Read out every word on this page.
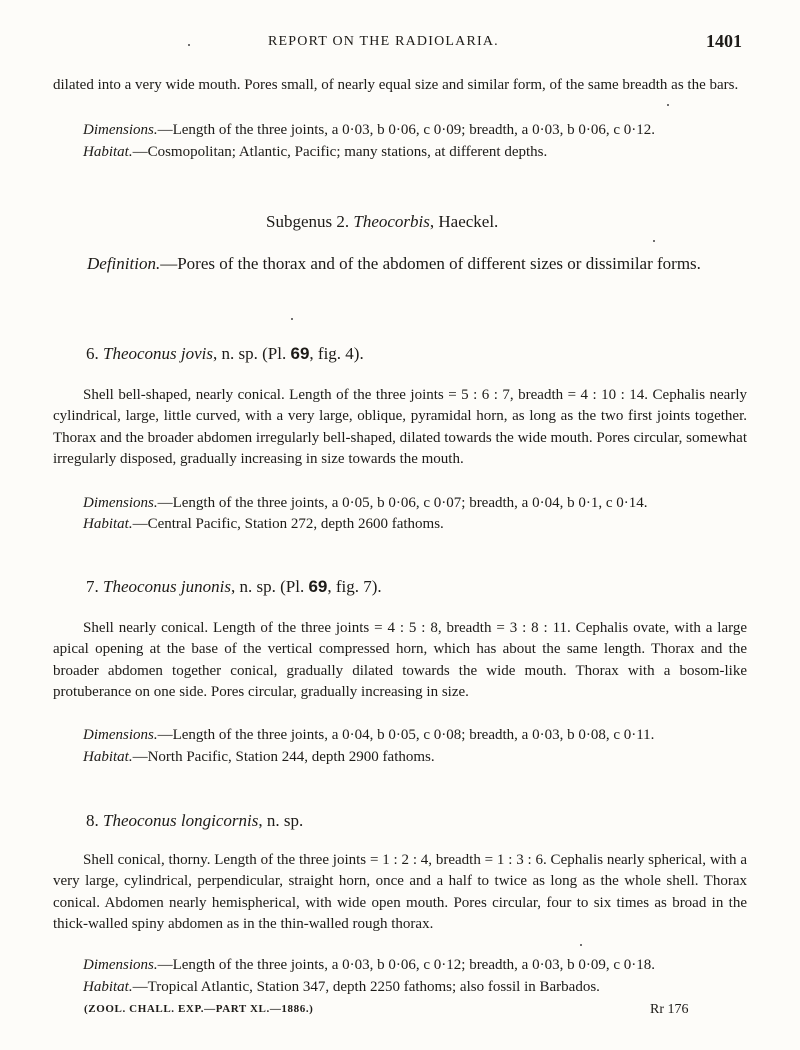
REPORT ON THE RADIOLARIA.	1401
dilated into a very wide mouth. Pores small, of nearly equal size and similar form, of the same breadth as the bars.
Dimensions.—Length of the three joints, a 0·03, b 0·06, c 0·09; breadth, a 0·03, b 0·06, c 0·12.
Habitat.—Cosmopolitan; Atlantic, Pacific; many stations, at different depths.
Subgenus 2. Theocorbis, Haeckel.
Definition.—Pores of the thorax and of the abdomen of different sizes or dissimilar forms.
6. Theoconus jovis, n. sp. (Pl. 69, fig. 4).
Shell bell-shaped, nearly conical. Length of the three joints = 5 : 6 : 7, breadth = 4 : 10 : 14. Cephalis nearly cylindrical, large, little curved, with a very large, oblique, pyramidal horn, as long as the two first joints together. Thorax and the broader abdomen irregularly bell-shaped, dilated towards the wide mouth. Pores circular, somewhat irregularly disposed, gradually increasing in size towards the mouth.
Dimensions.—Length of the three joints, a 0·05, b 0·06, c 0·07; breadth, a 0·04, b 0·1, c 0·14.
Habitat.—Central Pacific, Station 272, depth 2600 fathoms.
7. Theoconus junonis, n. sp. (Pl. 69, fig. 7).
Shell nearly conical. Length of the three joints = 4 : 5 : 8, breadth = 3 : 8 : 11. Cephalis ovate, with a large apical opening at the base of the vertical compressed horn, which has about the same length. Thorax and the broader abdomen together conical, gradually dilated towards the wide mouth. Thorax with a bosom-like protuberance on one side. Pores circular, gradually increasing in size.
Dimensions.—Length of the three joints, a 0·04, b 0·05, c 0·08; breadth, a 0·03, b 0·08, c 0·11.
Habitat.—North Pacific, Station 244, depth 2900 fathoms.
8. Theoconus longicornis, n. sp.
Shell conical, thorny. Length of the three joints = 1 : 2 : 4, breadth = 1 : 3 : 6. Cephalis nearly spherical, with a very large, cylindrical, perpendicular, straight horn, once and a half to twice as long as the whole shell. Thorax conical. Abdomen nearly hemispherical, with wide open mouth. Pores circular, four to six times as broad in the thick-walled spiny abdomen as in the thin-walled rough thorax.
Dimensions.—Length of the three joints, a 0·03, b 0·06, c 0·12; breadth, a 0·03, b 0·09, c 0·18.
Habitat.—Tropical Atlantic, Station 347, depth 2250 fathoms; also fossil in Barbados.
(ZOOL. CHALL. EXP.—PART XL.—1886.)	Rr 176
